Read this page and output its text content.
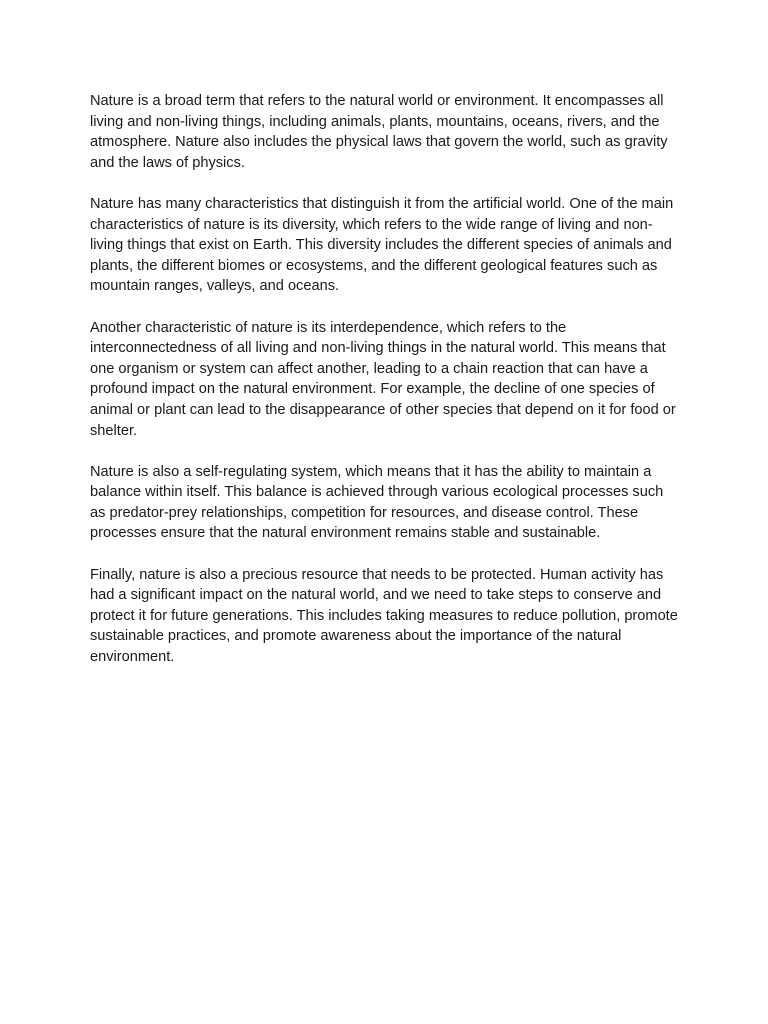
Nature is a broad term that refers to the natural world or environment. It encompasses all living and non-living things, including animals, plants, mountains, oceans, rivers, and the atmosphere. Nature also includes the physical laws that govern the world, such as gravity and the laws of physics.

Nature has many characteristics that distinguish it from the artificial world. One of the main characteristics of nature is its diversity, which refers to the wide range of living and non-living things that exist on Earth. This diversity includes the different species of animals and plants, the different biomes or ecosystems, and the different geological features such as mountain ranges, valleys, and oceans.

Another characteristic of nature is its interdependence, which refers to the interconnectedness of all living and non-living things in the natural world. This means that one organism or system can affect another, leading to a chain reaction that can have a profound impact on the natural environment. For example, the decline of one species of animal or plant can lead to the disappearance of other species that depend on it for food or shelter.

Nature is also a self-regulating system, which means that it has the ability to maintain a balance within itself. This balance is achieved through various ecological processes such as predator-prey relationships, competition for resources, and disease control. These processes ensure that the natural environment remains stable and sustainable.

Finally, nature is also a precious resource that needs to be protected. Human activity has had a significant impact on the natural world, and we need to take steps to conserve and protect it for future generations. This includes taking measures to reduce pollution, promote sustainable practices, and promote awareness about the importance of the natural environment.
